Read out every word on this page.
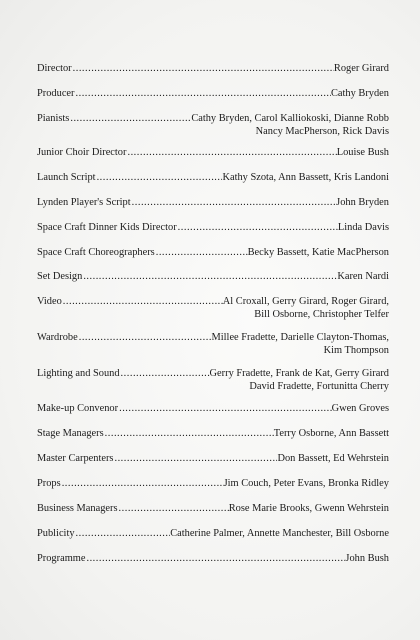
Director .....	Roger Girard
Producer .....	Cathy Bryden
Pianists .....	Cathy Bryden, Carol Kalliokoski, Dianne Robb
Nancy MacPherson, Rick Davis
Junior Choir Director .....	Louise Bush
Launch Script .....	Kathy Szota, Ann Bassett, Kris Landoni
Lynden Player's Script .....	John Bryden
Space Craft Dinner Kids Director .....	Linda Davis
Space Craft Choreographers .....	Becky Bassett, Katie MacPherson
Set Design .....	Karen Nardi
Video .....	Al Croxall, Gerry Girard, Roger Girard,
Bill Osborne, Christopher Telfer
Wardrobe .....	Millee Fradette, Darielle Clayton-Thomas,
Kim Thompson
Lighting and Sound .....	Gerry Fradette, Frank de Kat, Gerry Girard
David Fradette, Fortunitta Cherry
Make-up Convenor .....	Gwen Groves
Stage Managers .....	Terry Osborne, Ann Bassett
Master Carpenters .....	Don Bassett, Ed Wehrstein
Props .....	Jim Couch, Peter Evans, Bronka Ridley
Business Managers .....	Rose Marie Brooks, Gwenn Wehrstein
Publicity .....	Catherine Palmer, Annette Manchester, Bill Osborne
Programme .....	John Bush
